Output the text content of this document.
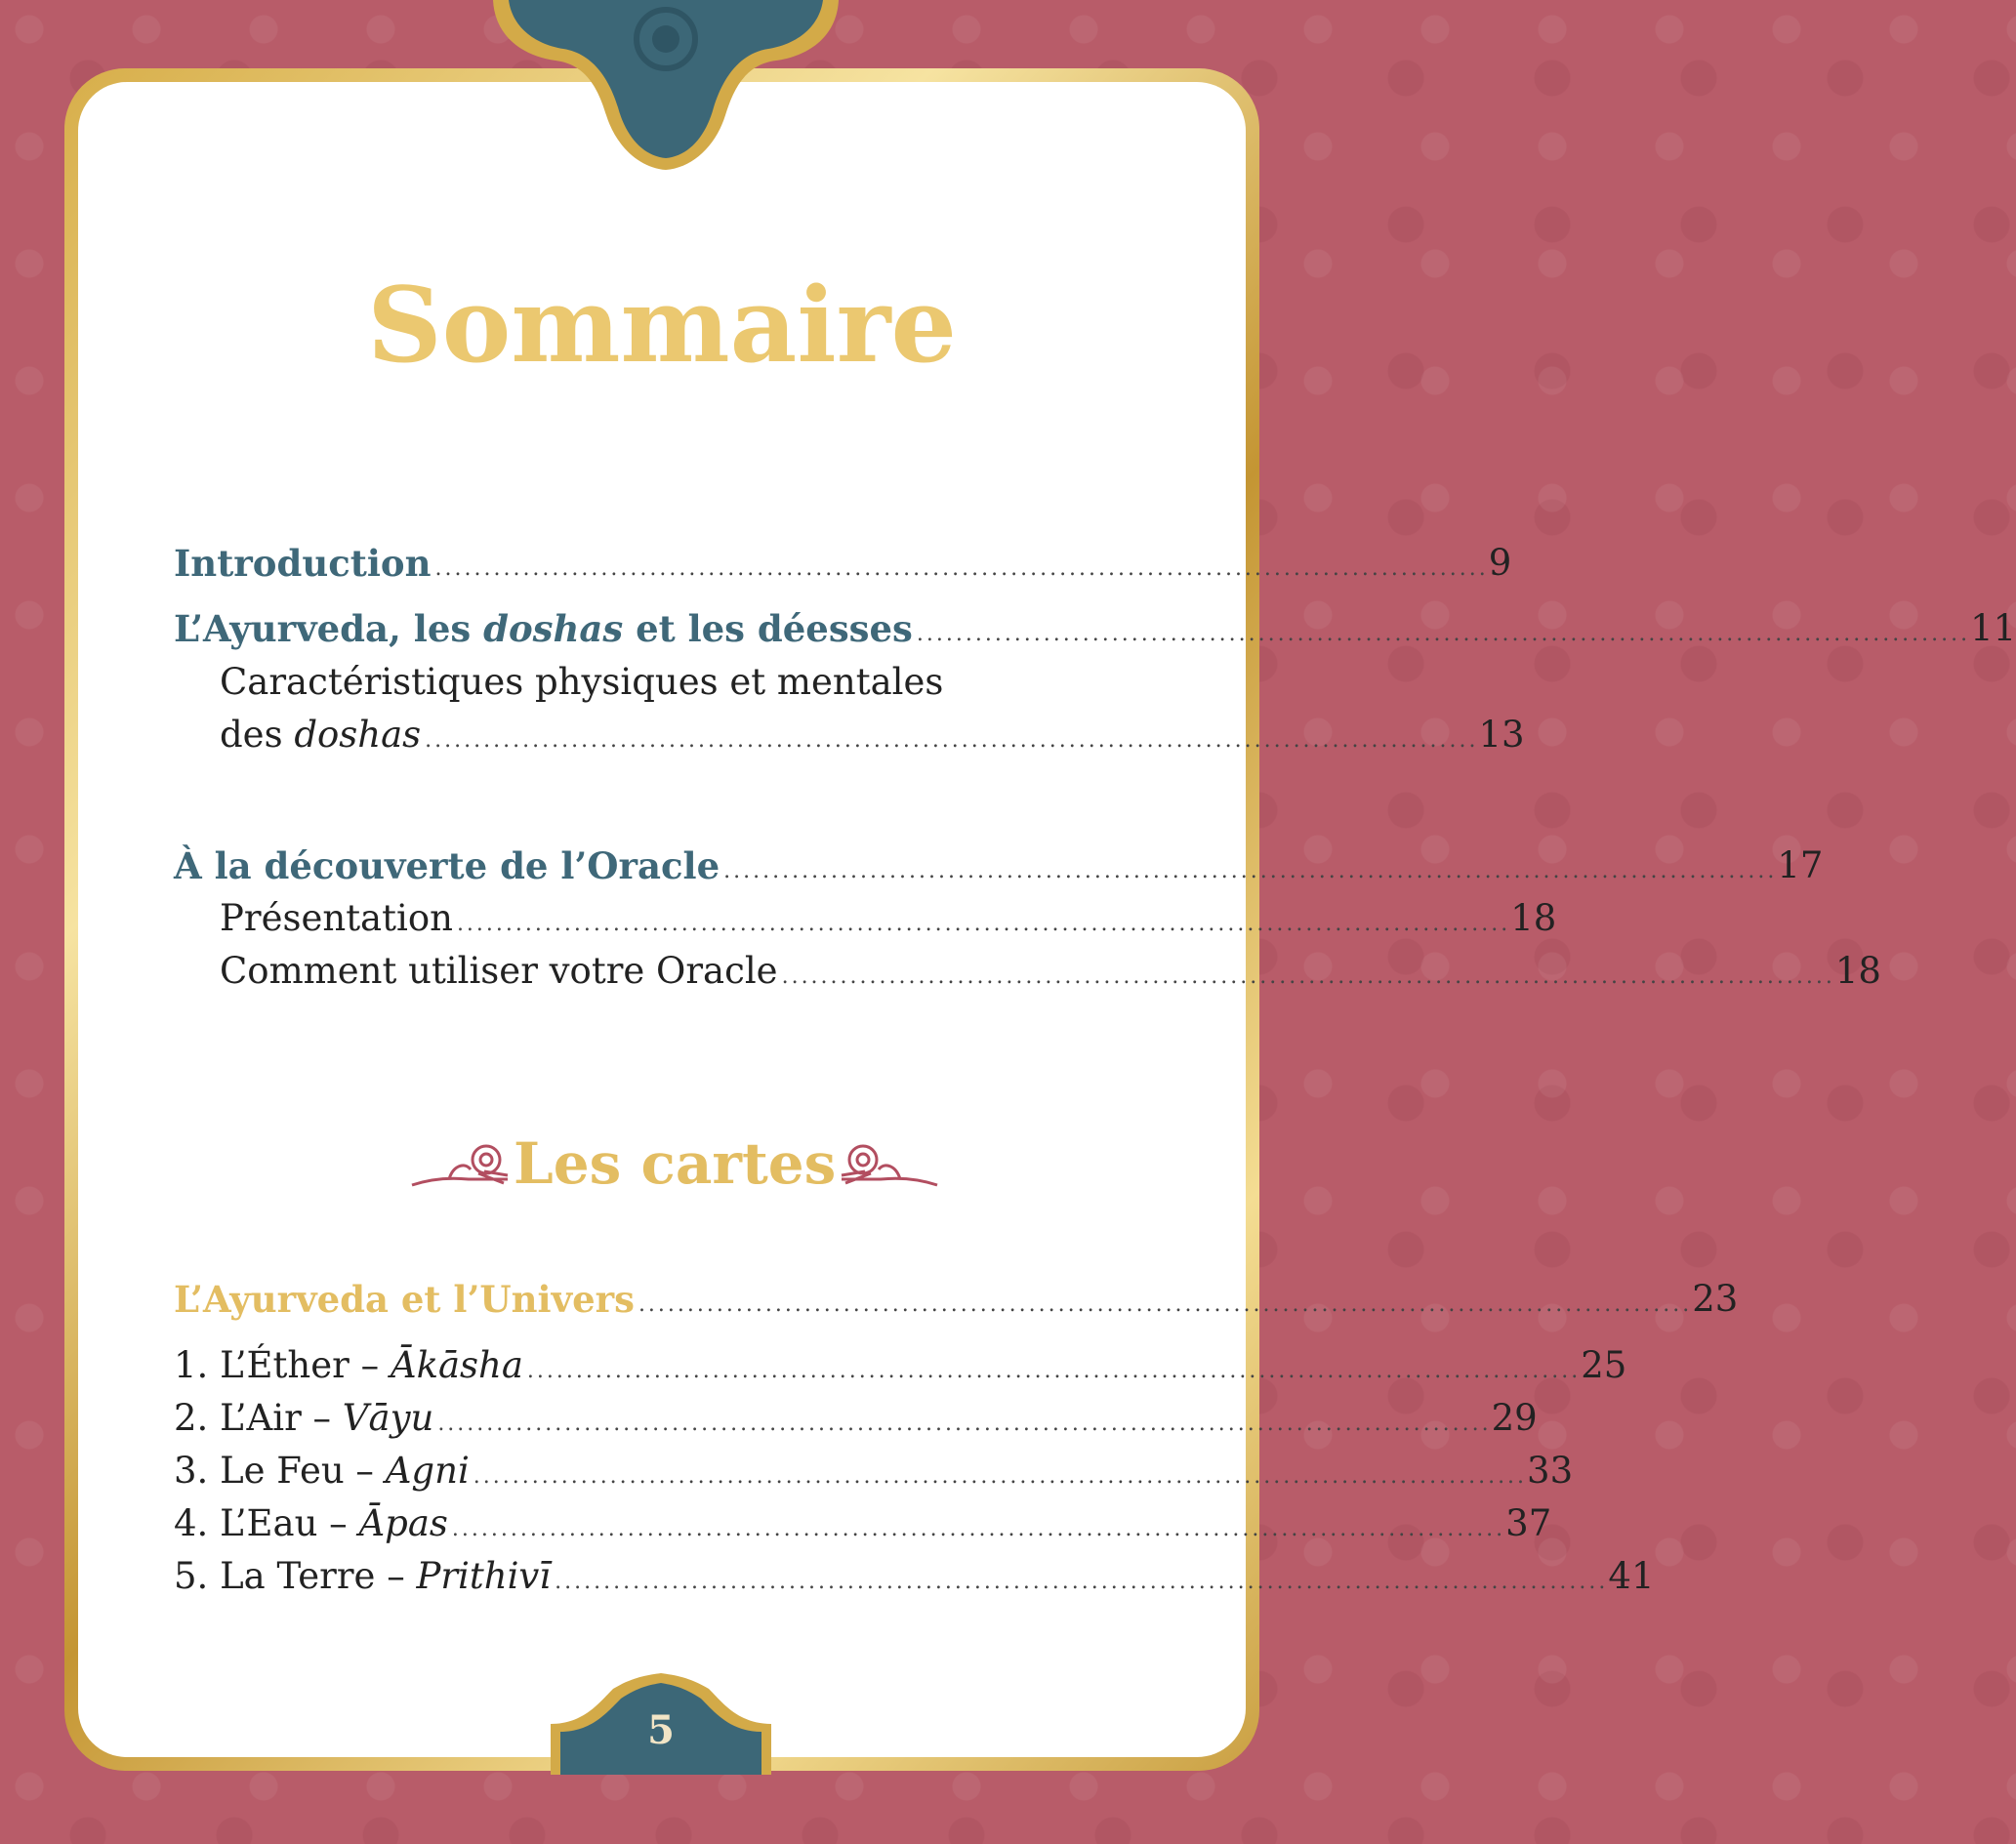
Sommaire
Introduction ............................................................................................................ 9
L’Ayurveda, les doshas et les déesses ............................................................................................................ 11
Caractéristiques physiques et mentales
des doshas ............................................................................................................ 13
À la découverte de l’Oracle ............................................................................................................ 17
Présentation ............................................................................................................ 18
Comment utiliser votre Oracle ............................................................................................................ 18
Les cartes
L’Ayurveda et l’Univers ............................................................................................................ 23
1. L’Éther – Ākāsha ............................................................................................................ 25
2. L’Air – Vāyu ............................................................................................................ 29
3. Le Feu – Agni ............................................................................................................ 33
4. L’Eau – Āpas ............................................................................................................ 37
5. La Terre – Prithivī ............................................................................................................ 41
5
